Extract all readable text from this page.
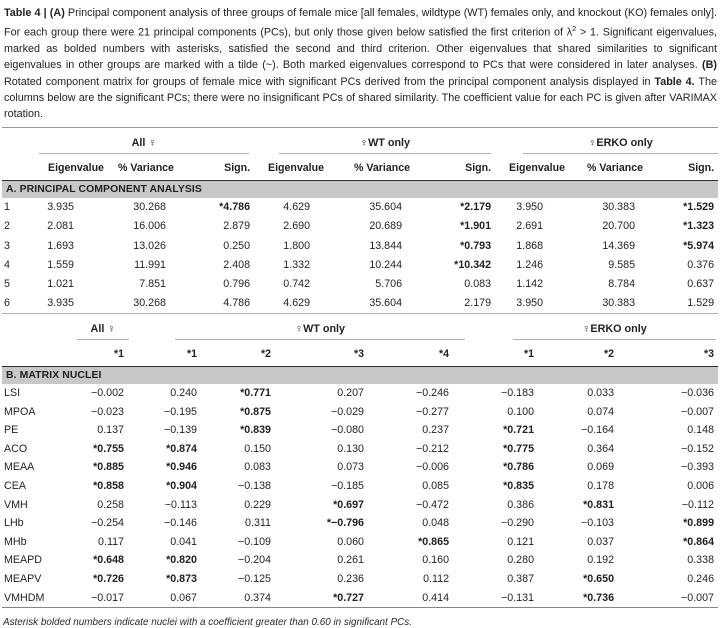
Table 4 | (A) Principal component analysis of three groups of female mice [all females, wildtype (WT) females only, and knockout (KO) females only]. For each group there were 21 principal components (PCs), but only those given below satisfied the first criterion of $\lambda^2 > 1$. Significant eigenvalues, marked as bolded numbers with asterisks, satisfied the second and third criterion. Other eigenvalues that shared similarities to significant eigenvalues in other groups are marked with a tilde (~). Both marked eigenvalues correspond to PCs that were considered in later analyses. (B) Rotated component matrix for groups of female mice with significant PCs derived from the principal component analysis displayed in Table 4. The columns below are the significant PCs; there were no insignificant PCs of shared similarity. The coefficient value for each PC is given after VARIMAX rotation.

	All ♀			♀WT only			♀ERKO only		

	Eigenvalue	% Variance	Sign.	Eigenvalue	% Variance	Sign.	Eigenvalue	% Variance	Sign.
A. PRINCIPAL COMPONENT ANALYSIS									
1	3.935	30.268	*4.786	4.629	35.604	*2.179	3.950	30.383	*1.529
2	2.081	16.006	2.879	2.690	20.689	*1.901	2.691	20.700	*1.323
3	1.693	13.026	0.250	1.800	13.844	*0.793	1.868	14.369	*5.974
4	1.559	11.991	2.408	1.332	10.244	*10.342	1.246	9.585	0.376
5	1.021	7.851	0.796	0.742	5.706	0.083	1.142	8.784	0.637
6	3.935	30.268	4.786	4.629	35.604	2.179	3.950	30.383	1.529

	All ♀	♀WT only				♀ERKO only		

	*1	*1	*2	*3	*4	*1	*2	*3
B. MATRIX NUCLEI								
LSI	−0.002	0.240	*0.771	0.207	−0.246	−0.183	0.033	−0.036
MPOA	−0.023	−0.195	*0.875	−0.029	−0.277	0.100	0.074	−0.007
PE	0.137	−0.139	*0.839	−0.080	0.237	*0.721	−0.164	0.148
ACO	*0.755	*0.874	0.150	0.130	−0.212	*0.775	0.364	−0.152
MEAA	*0.885	*0.946	0.083	0.073	−0.006	*0.786	0.069	−0.393
CEA	*0.858	*0.904	−0.138	−0.185	0.085	*0.835	0.178	0.006
VMH	0.258	−0.113	0.229	*0.697	−0.472	0.386	*0.831	−0.112
LHb	−0.254	−0.146	0.311	*−0.796	0.048	−0.290	−0.103	*0.899
MHb	0.117	0.041	−0.109	0.060	*0.865	0.121	0.037	*0.864
MEAPD	*0.648	*0.820	−0.204	0.261	0.160	0.280	0.192	0.338
MEAPV	*0.726	*0.873	−0.125	0.236	0.112	0.387	*0.650	0.246
VMHDM	−0.017	0.067	0.374	*0.727	0.414	−0.131	*0.736	−0.007

Asterisk bolded numbers indicate nuclei with a coefficient greater than 0.60 in significant PCs.
